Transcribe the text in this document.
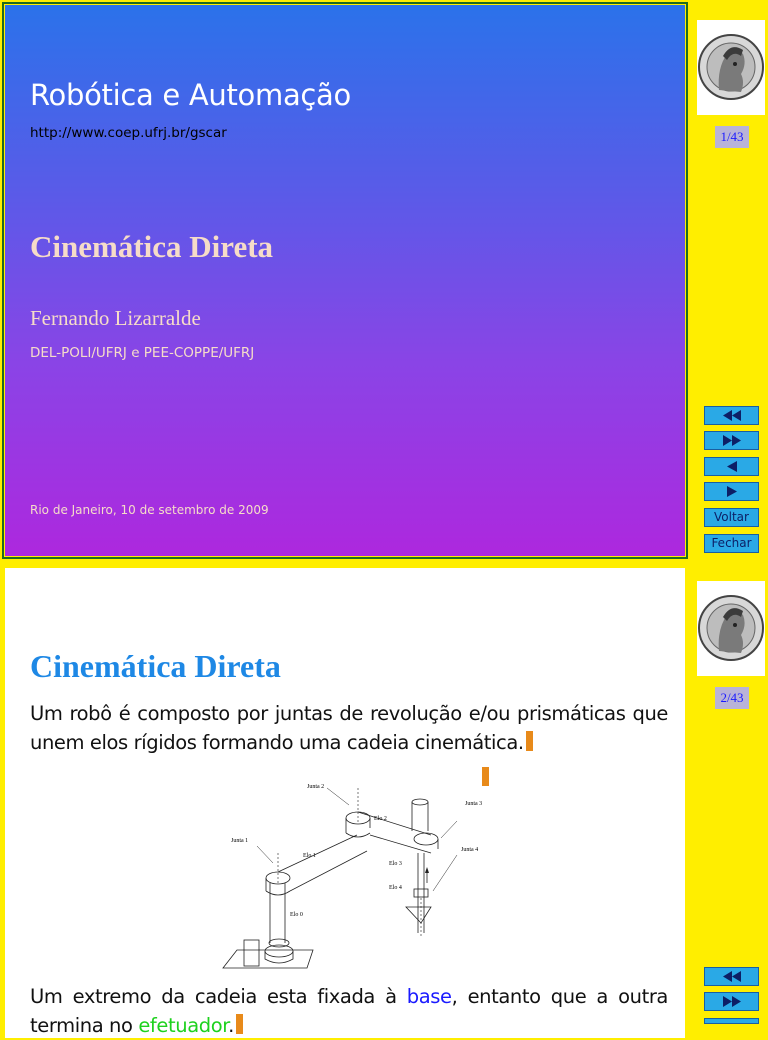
Robótica e Automação
http://www.coep.ufrj.br/gscar
Cinemática Direta
Fernando Lizarralde
DEL-POLI/UFRJ e PEE-COPPE/UFRJ
Rio de Janeiro, 10 de setembro de 2009
1/43
Voltar
Fechar
Cinemática Direta
Um robô é composto por juntas de revolução e/ou prismáticas que unem elos rígidos formando uma cadeia cinemática.
Junta 1
Junta 2
Junta 3
Junta 4
Elo 0
Elo 1
Elo 2
Elo 3
Elo 4
Um extremo da cadeia esta fixada à base, entanto que a outra termina no efetuador.
2/43
